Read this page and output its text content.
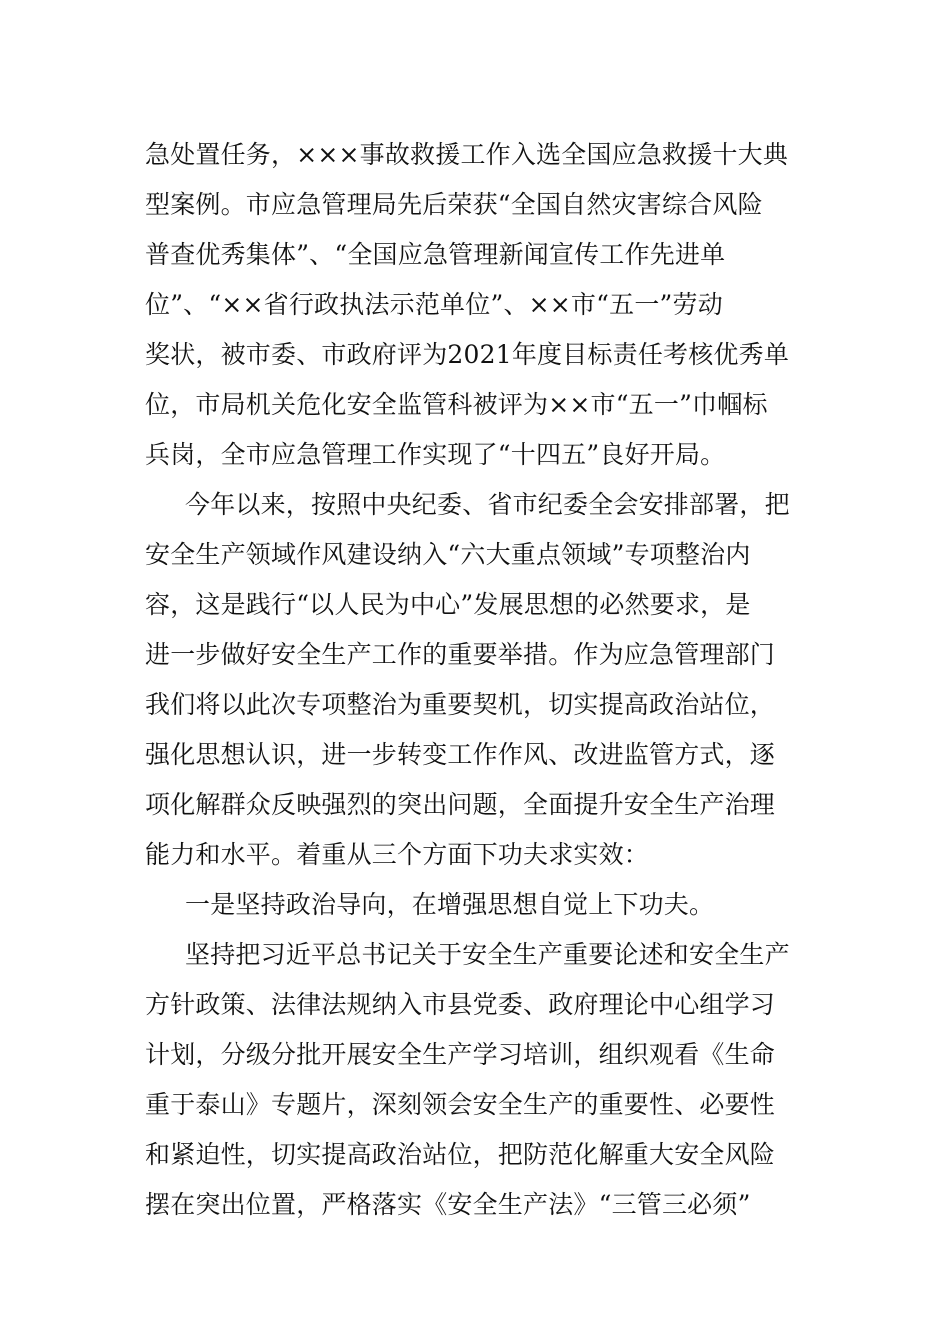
急处置任务，×××事故救援工作入选全国应急救援十大典
型案例。市应急管理局先后荣获“全国自然灾害综合风险
普查优秀集体”、“全国应急管理新闻宣传工作先进单
位”、“××省行政执法示范单位”、××市“五一”劳动
奖状，被市委、市政府评为2021年度目标责任考核优秀单
位，市局机关危化安全监管科被评为××市“五一”巾帼标
兵岗，全市应急管理工作实现了“十四五”良好开局。
今年以来，按照中央纪委、省市纪委全会安排部署，把
安全生产领域作风建设纳入“六大重点领域”专项整治内
容，这是践行“以人民为中心”发展思想的必然要求，是
进一步做好安全生产工作的重要举措。作为应急管理部门
我们将以此次专项整治为重要契机，切实提高政治站位，
强化思想认识，进一步转变工作作风、改进监管方式，逐
项化解群众反映强烈的突出问题，全面提升安全生产治理
能力和水平。着重从三个方面下功夫求实效：
一是坚持政治导向，在增强思想自觉上下功夫。
坚持把习近平总书记关于安全生产重要论述和安全生产
方针政策、法律法规纳入市县党委、政府理论中心组学习
计划，分级分批开展安全生产学习培训，组织观看《生命
重于泰山》专题片，深刻领会安全生产的重要性、必要性
和紧迫性，切实提高政治站位，把防范化解重大安全风险
摆在突出位置，严格落实《安全生产法》“三管三必须”
